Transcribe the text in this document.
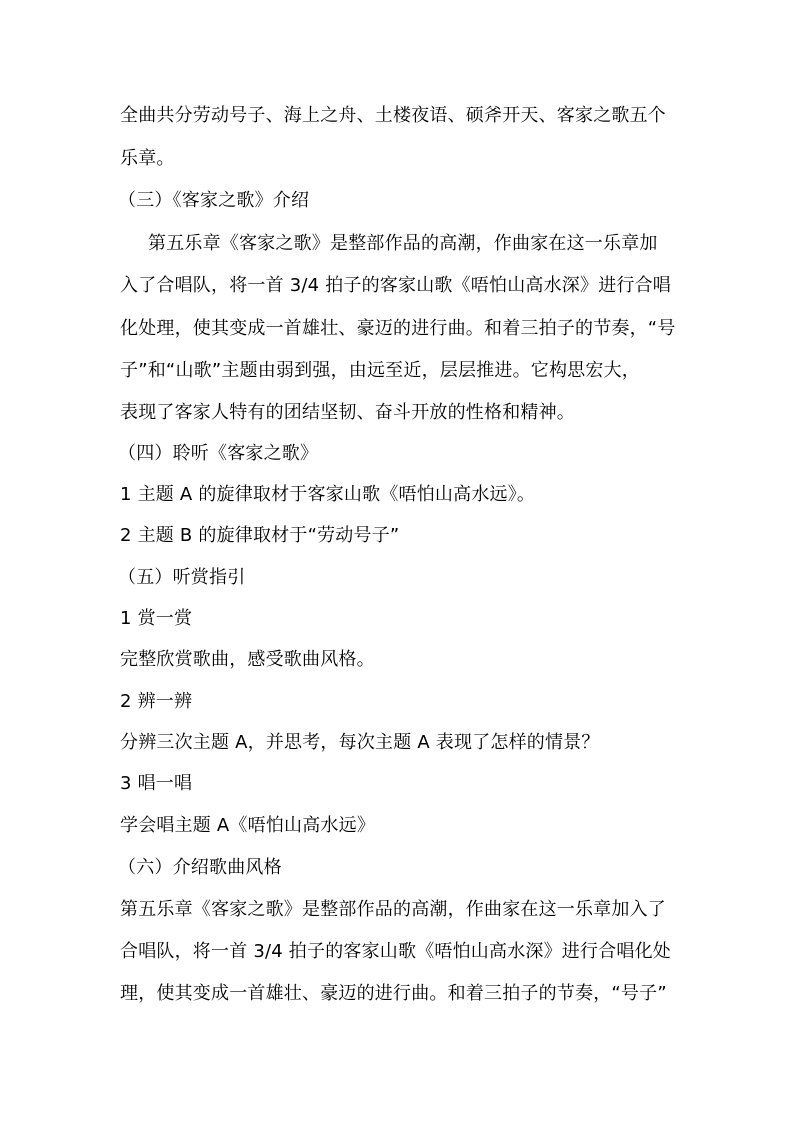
全曲共分劳动号子、海上之舟、土楼夜语、硕斧开天、客家之歌五个
乐章。
（三）《客家之歌》介绍
第五乐章《客家之歌》是整部作品的高潮，作曲家在这一乐章加
入了合唱队，将一首 3/4 拍子的客家山歌《唔怕山高水深》进行合唱
化处理，使其变成一首雄壮、豪迈的进行曲。和着三拍子的节奏，“号
子”和“山歌”主题由弱到强，由远至近，层层推进。它构思宏大，
表现了客家人特有的团结坚韧、奋斗开放的性格和精神。
（四）聆听《客家之歌》
1 主题 A 的旋律取材于客家山歌《唔怕山高水远》。
2 主题 B 的旋律取材于“劳动号子”
（五）听赏指引
1 赏一赏
完整欣赏歌曲，感受歌曲风格。
2 辨一辨
分辨三次主题 A，并思考，每次主题 A 表现了怎样的情景？
3 唱一唱
学会唱主题 A《唔怕山高水远》
（六）介绍歌曲风格
第五乐章《客家之歌》是整部作品的高潮，作曲家在这一乐章加入了
合唱队，将一首 3/4 拍子的客家山歌《唔怕山高水深》进行合唱化处
理，使其变成一首雄壮、豪迈的进行曲。和着三拍子的节奏，“号子”
